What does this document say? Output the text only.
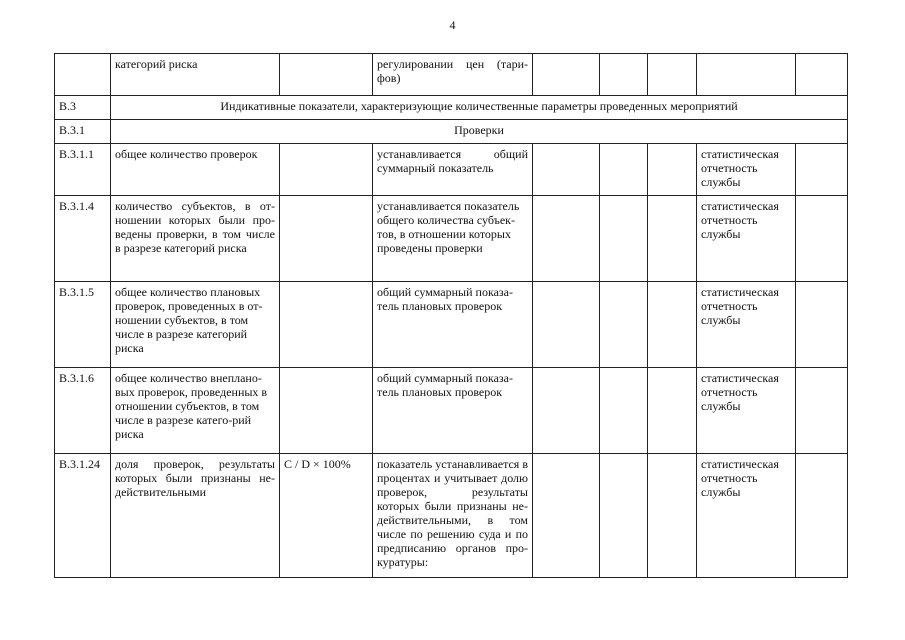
4
	категорий риска		регулировании цен (тари-фов)					
В.3	Индикативные показатели, характеризующие количественные параметры проведенных мероприятий							
В.3.1	Проверки							
В.3.1.1	общее количество проверок		устанавливается общий суммарный показатель				статистическая отчетность службы	
В.3.1.4	количество субъектов, в от-ношении которых были про-ведены проверки, в том числе в разрезе категорий риска		устанавливается показатель общего количества субъек-тов, в отношении которых проведены проверки				статистическая отчетность службы	
В.3.1.5	общее количество плановых проверок, проведенных в от-ношении субъектов, в том числе в разрезе категорий риска		общий суммарный показа-тель плановых проверок				статистическая отчетность службы	
В.3.1.6	общее количество внеплано-вых проверок, проведенных в отношении субъектов, в том числе в разрезе катего-рий риска		общий суммарный показа-тель плановых проверок				статистическая отчетность службы	
В.3.1.24	доля проверок, результаты которых были признаны не-действительными	C / D × 100%	показатель устанавливается в процентах и учитывает долю проверок, результаты которых были признаны не-действительными, в том числе по решению суда и по предписанию органов про-куратуры:				статистическая отчетность службы	
